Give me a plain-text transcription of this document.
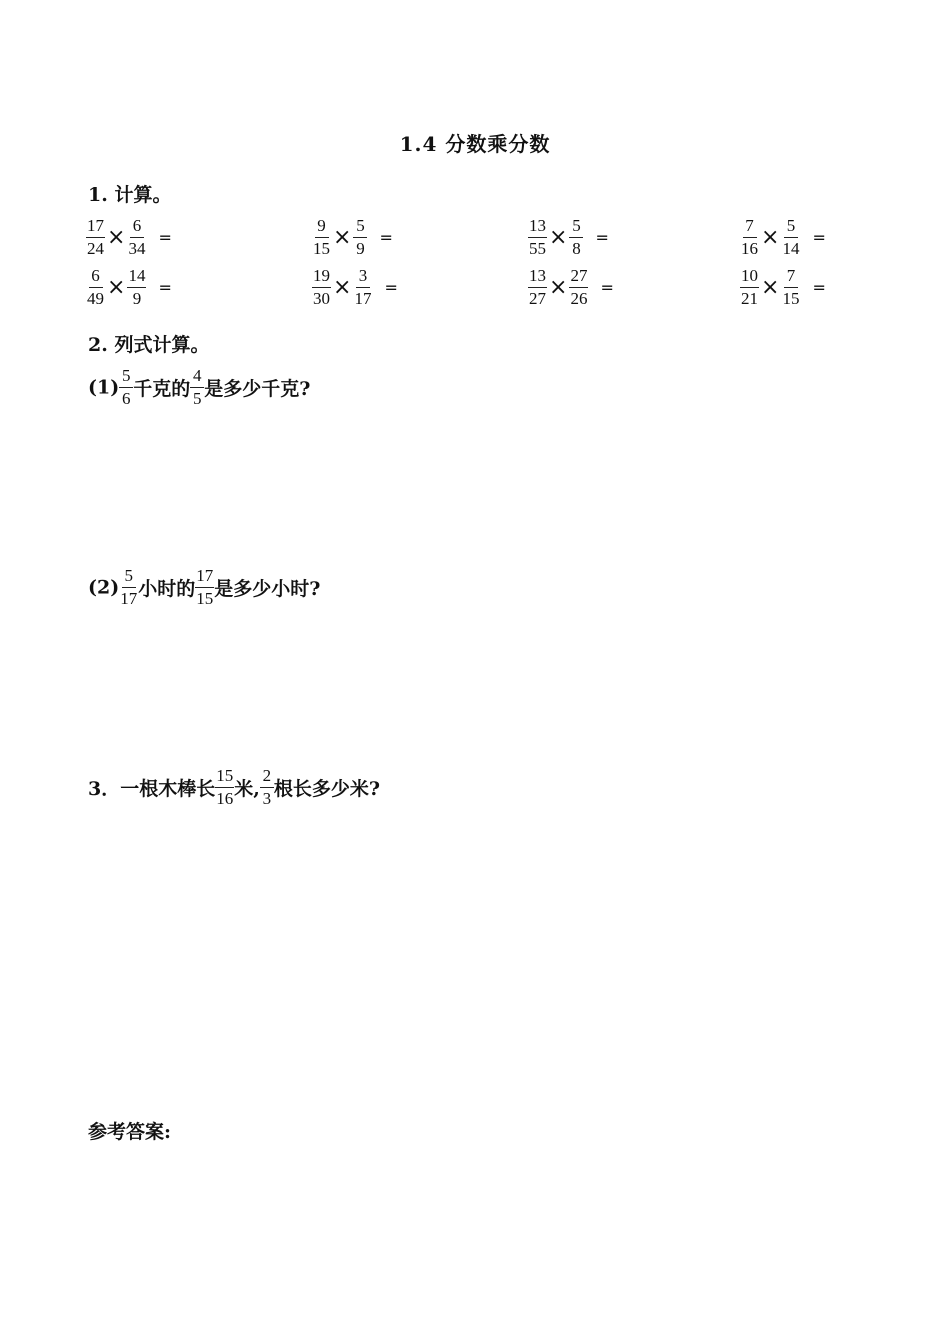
1.4 分数乘分数
1. 计算。
$\frac{17}{24} \times \frac{6}{34}$ =	$\frac{9}{15} \times \frac{5}{9}$ =	$\frac{13}{55} \times \frac{5}{8}$ =	$\frac{7}{16} \times \frac{5}{14}$ =
$\frac{6}{49} \times \frac{14}{9}$ =	$\frac{19}{30} \times \frac{3}{17}$ =	$\frac{13}{27} \times \frac{27}{26}$ =	$\frac{10}{21} \times \frac{7}{15}$ =
2. 列式计算。
$(1) \frac{5}{6}$ 千克的 $\frac{4}{5}$ 是多少千克?
$(2) \frac{5}{17}$ 小时的 $\frac{17}{15}$ 是多少小时?
3．一根木棒长 $\frac{15}{16}$ 米, $\frac{2}{3}$ 根长多少米?
参考答案:
